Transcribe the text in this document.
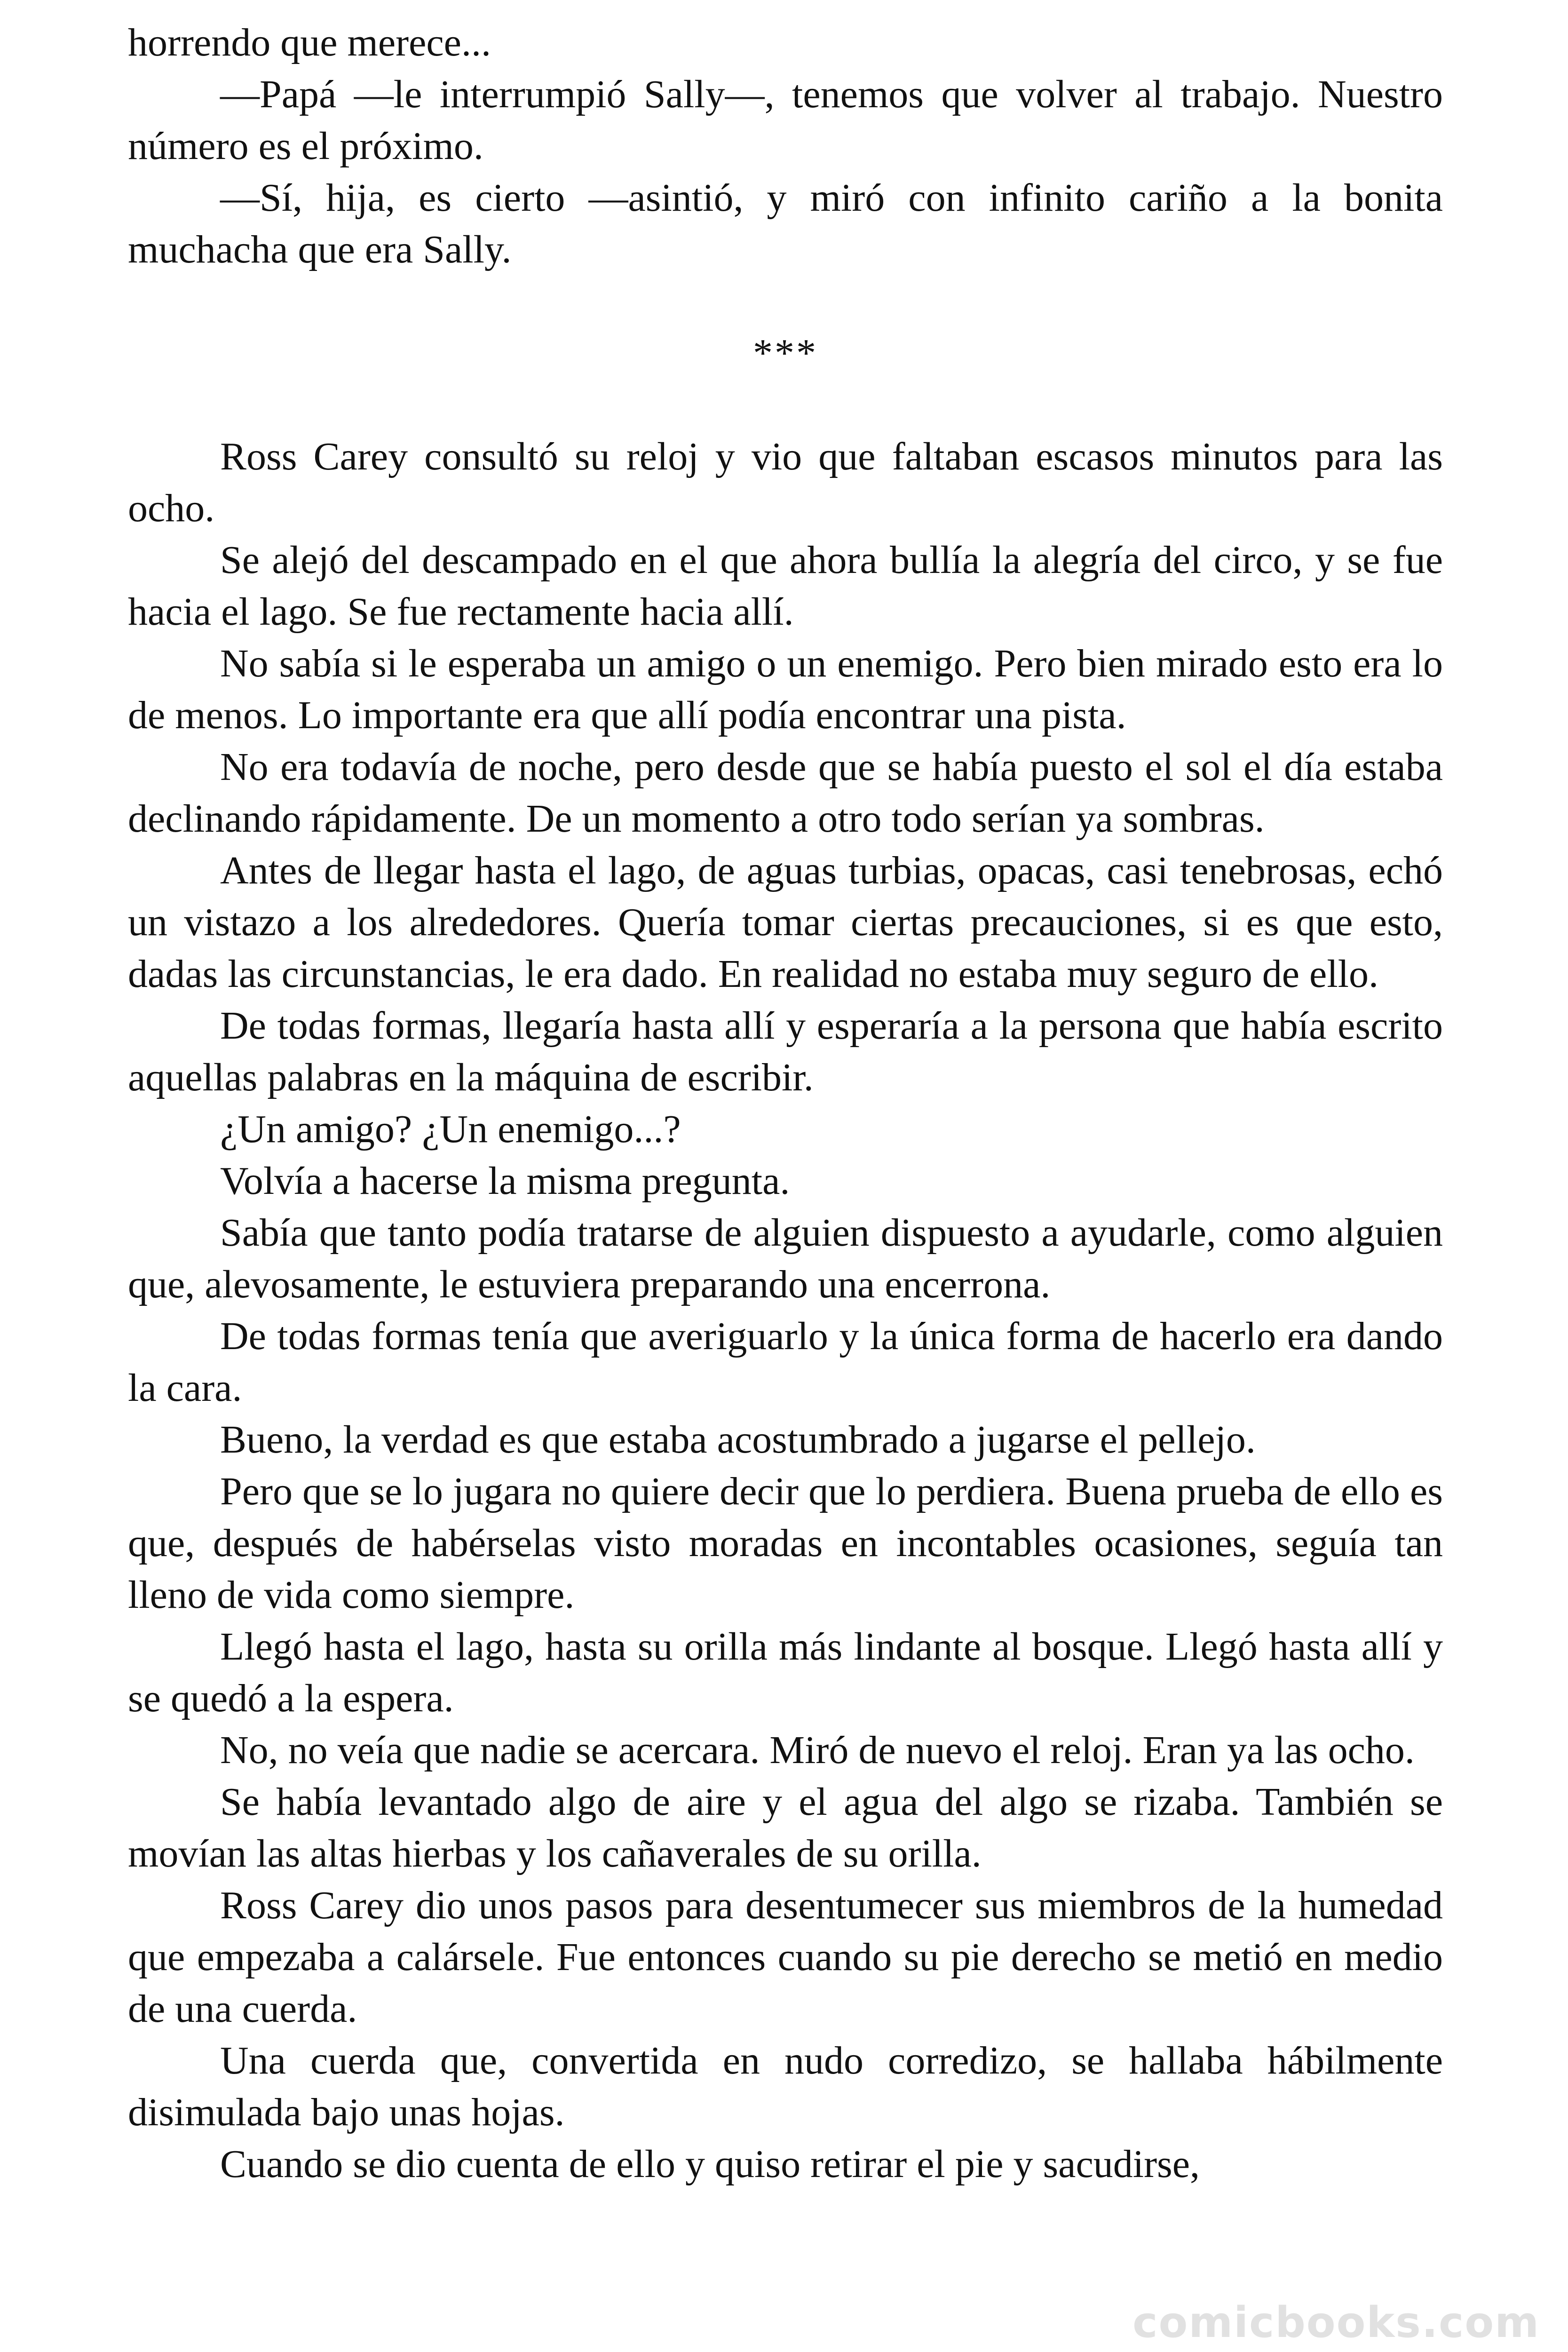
horrendo que merece...

—Papá —le interrumpió Sally—, tenemos que volver al trabajo. Nuestro número es el próximo.

—Sí, hija, es cierto —asintió, y miró con infinito cariño a la bonita muchacha que era Sally.

***

Ross Carey consultó su reloj y vio que faltaban escasos minutos para las ocho.

Se alejó del descampado en el que ahora bullía la alegría del circo, y se fue hacia el lago. Se fue rectamente hacia allí.

No sabía si le esperaba un amigo o un enemigo. Pero bien mirado esto era lo de menos. Lo importante era que allí podía encontrar una pista.

No era todavía de noche, pero desde que se había puesto el sol el día estaba declinando rápidamente. De un momento a otro todo serían ya sombras.

Antes de llegar hasta el lago, de aguas turbias, opacas, casi tenebrosas, echó un vistazo a los alrededores. Quería tomar ciertas precauciones, si es que esto, dadas las circunstancias, le era dado. En realidad no estaba muy seguro de ello.

De todas formas, llegaría hasta allí y esperaría a la persona que había escrito aquellas palabras en la máquina de escribir.

¿Un amigo? ¿Un enemigo...?

Volvía a hacerse la misma pregunta.

Sabía que tanto podía tratarse de alguien dispuesto a ayudarle, como alguien que, alevosamente, le estuviera preparando una encerrona.

De todas formas tenía que averiguarlo y la única forma de hacerlo era dando la cara.

Bueno, la verdad es que estaba acostumbrado a jugarse el pellejo.

Pero que se lo jugara no quiere decir que lo perdiera. Buena prueba de ello es que, después de habérselas visto moradas en incontables ocasiones, seguía tan lleno de vida como siempre.

Llegó hasta el lago, hasta su orilla más lindante al bosque. Llegó hasta allí y se quedó a la espera.

No, no veía que nadie se acercara. Miró de nuevo el reloj. Eran ya las ocho.

Se había levantado algo de aire y el agua del algo se rizaba. También se movían las altas hierbas y los cañaverales de su orilla.

Ross Carey dio unos pasos para desentumecer sus miembros de la humedad que empezaba a calársele. Fue entonces cuando su pie derecho se metió en medio de una cuerda.

Una cuerda que, convertida en nudo corredizo, se hallaba hábilmente disimulada bajo unas hojas.

Cuando se dio cuenta de ello y quiso retirar el pie y sacudirse,

comicbooks.com
